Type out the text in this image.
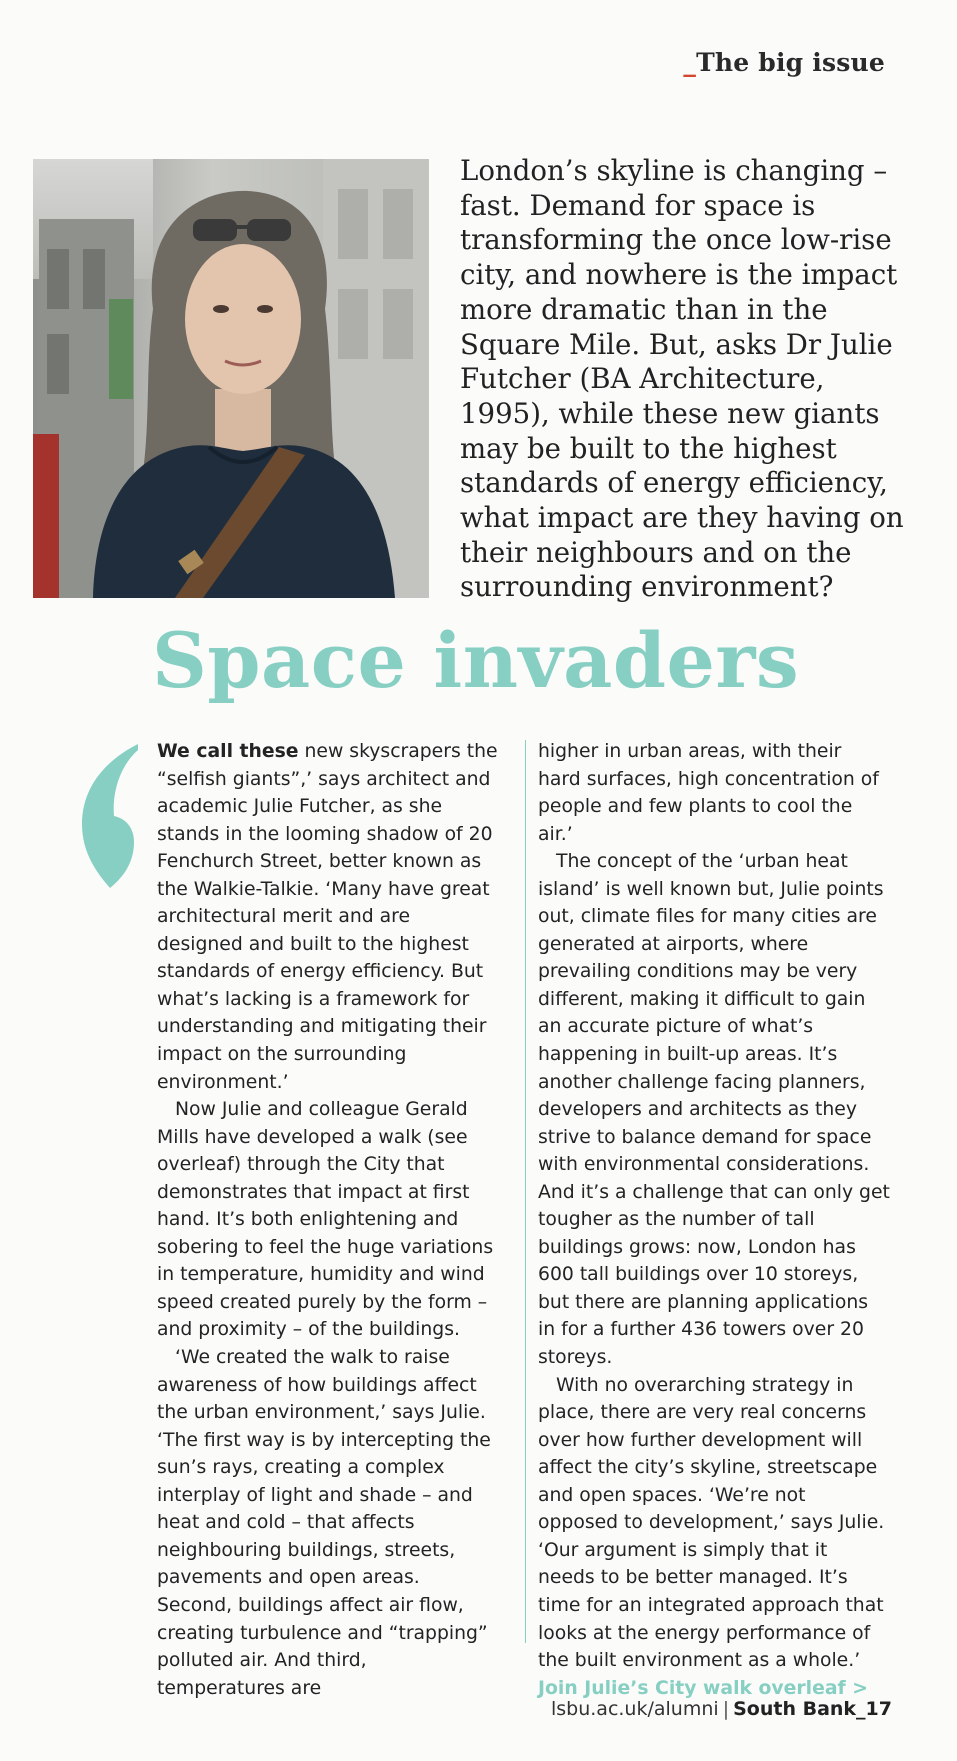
_The big issue

London’s skyline is changing – fast. Demand for space is transforming the once low-rise city, and nowhere is the impact more dramatic than in the Square Mile. But, asks Dr Julie Futcher (BA Architecture, 1995), while these new giants may be built to the highest standards of energy efficiency, what impact are they having on their neighbours and on the surrounding environment?

Space invaders

We call these new skyscrapers the “selfish giants”,’ says architect and academic Julie Futcher, as she stands in the looming shadow of 20 Fenchurch Street, better known as the Walkie-Talkie. ‘Many have great architectural merit and are designed and built to the highest standards of energy efficiency. But what’s lacking is a framework for understanding and mitigating their impact on the surrounding environment.’

Now Julie and colleague Gerald Mills have developed a walk (see overleaf) through the City that demonstrates that impact at first hand. It’s both enlightening and sobering to feel the huge variations in temperature, humidity and wind speed created purely by the form – and proximity – of the buildings.

‘We created the walk to raise awareness of how buildings affect the urban environment,’ says Julie. ‘The first way is by intercepting the sun’s rays, creating a complex interplay of light and shade – and heat and cold – that affects neighbouring buildings, streets, pavements and open areas. Second, buildings affect air flow, creating turbulence and “trapping” polluted air. And third, temperatures are

higher in urban areas, with their hard surfaces, high concentration of people and few plants to cool the air.’

The concept of the ‘urban heat island’ is well known but, Julie points out, climate files for many cities are generated at airports, where prevailing conditions may be very different, making it difficult to gain an accurate picture of what’s happening in built-up areas. It’s another challenge facing planners, developers and architects as they strive to balance demand for space with environmental considerations. And it’s a challenge that can only get tougher as the number of tall buildings grows: now, London has 600 tall buildings over 10 storeys, but there are planning applications in for a further 436 towers over 20 storeys.

With no overarching strategy in place, there are very real concerns over how further development will affect the city’s skyline, streetscape and open spaces. ‘We’re not opposed to development,’ says Julie. ‘Our argument is simply that it needs to be better managed. It’s time for an integrated approach that looks at the energy performance of the built environment as a whole.’

Join Julie’s City walk overleaf >

lsbu.ac.uk/alumni | South Bank_17
